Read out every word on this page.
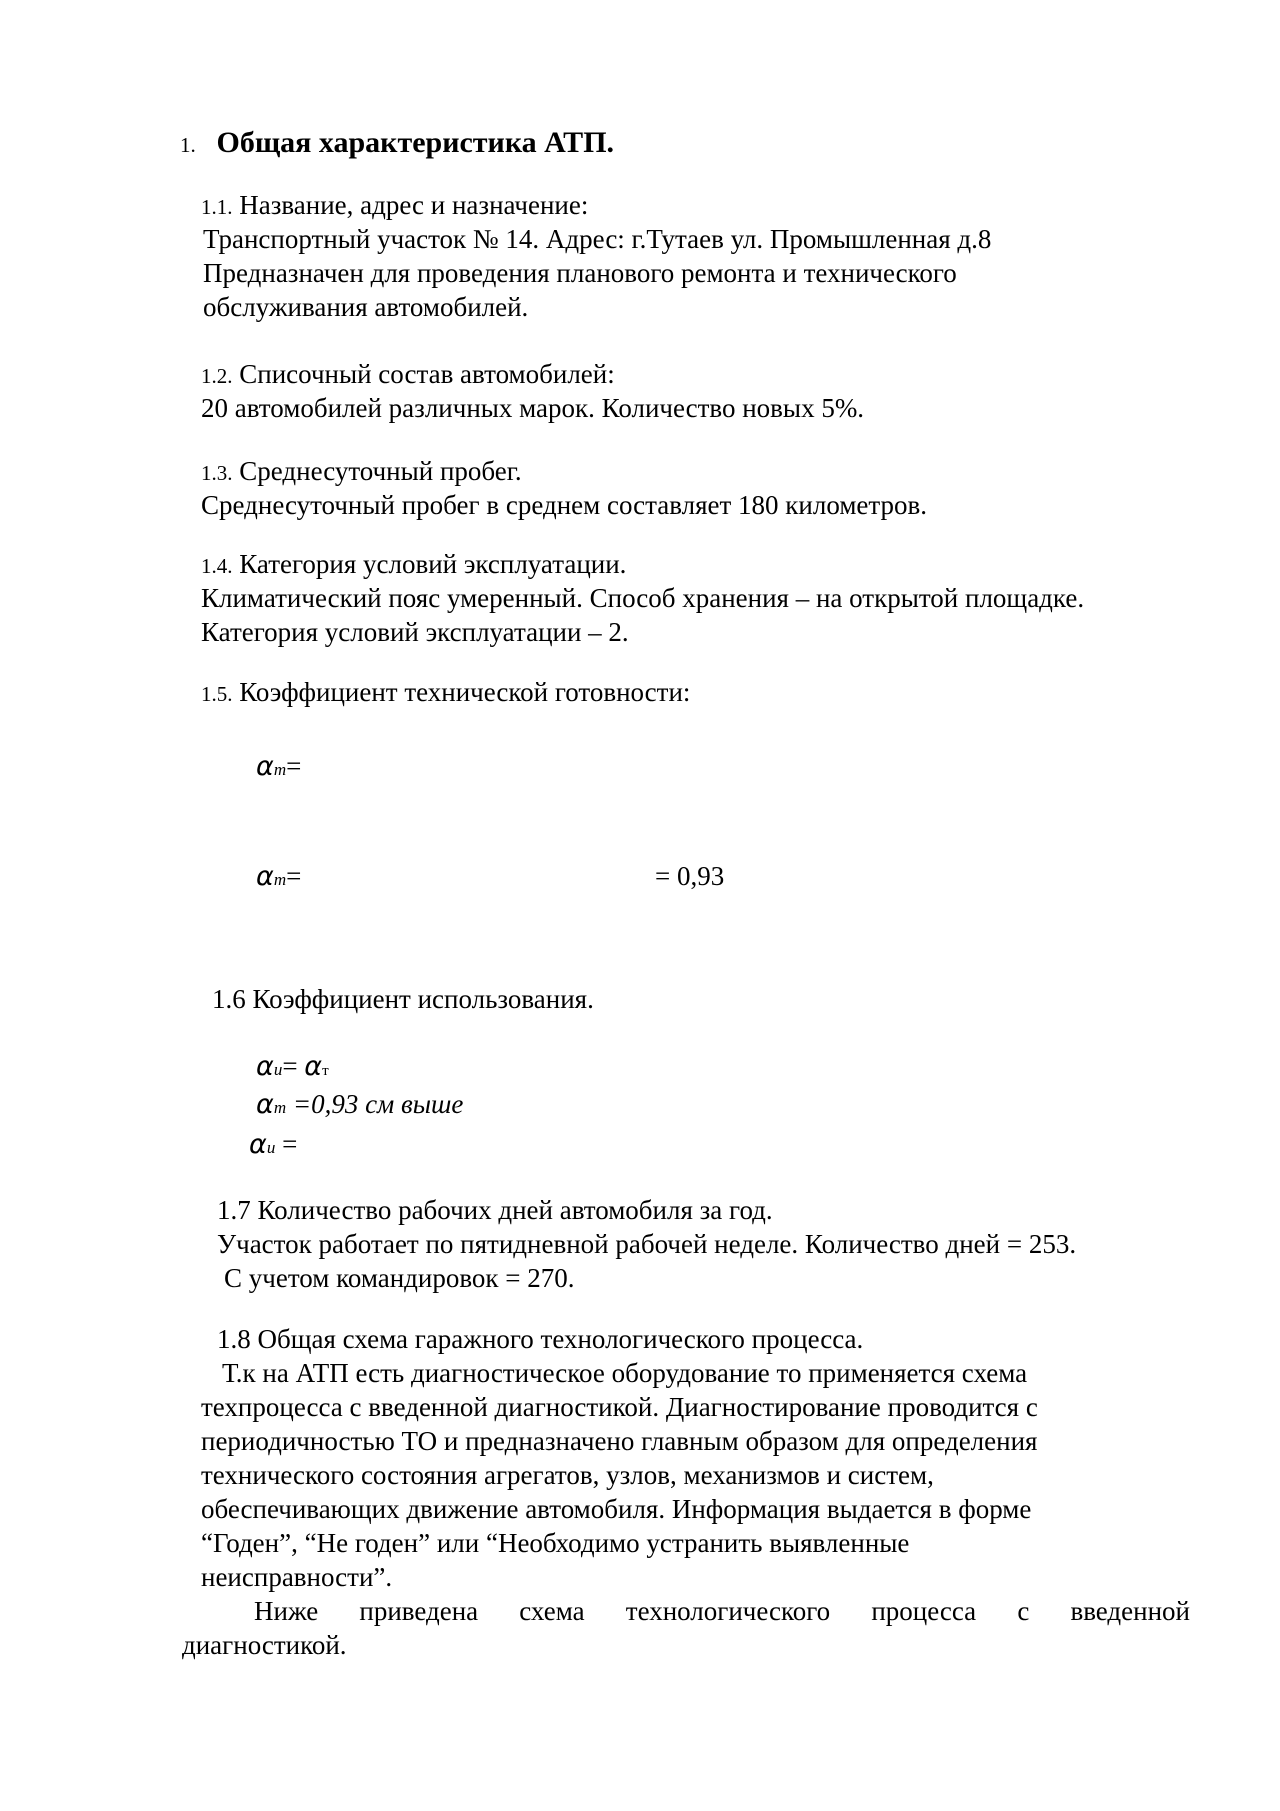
1. Общая характеристика АТП.
1.1. Название, адрес и назначение:
Транспортный участок № 14. Адрес: г.Тутаев ул. Промышленная д.8
Предназначен для проведения планового ремонта и технического
обслуживания автомобилей.
1.2. Списочный состав автомобилей:
20 автомобилей различных марок. Количество новых 5%.
1.3. Среднесуточный пробег.
Среднесуточный пробег в среднем составляет 180 километров.
1.4. Категория условий эксплуатации.
Климатический пояс умеренный. Способ хранения – на открытой площадке.
Категория условий эксплуатации – 2.
1.5. Коэффициент технической готовности:
αт=
αт=	= 0,93
1.6 Коэффициент использования.
αи= αт
αт =0,93 см выше
αи =
1.7 Количество рабочих дней автомобиля за год.
Участок работает по пятидневной рабочей неделе. Количество дней = 253.
С учетом командировок = 270.
1.8 Общая схема гаражного технологического процесса.
Т.к на АТП есть диагностическое оборудование то применяется схема
техпроцесса с введенной диагностикой. Диагностирование проводится с
периодичностью ТО и предназначено главным образом для определения
технического состояния агрегатов, узлов, механизмов и систем,
обеспечивающих движение автомобиля. Информация выдается в форме
“Годен”, “Не годен” или “Необходимо устранить выявленные
неисправности”.
Ниже приведена схема технологического процесса с введенной
диагностикой.
